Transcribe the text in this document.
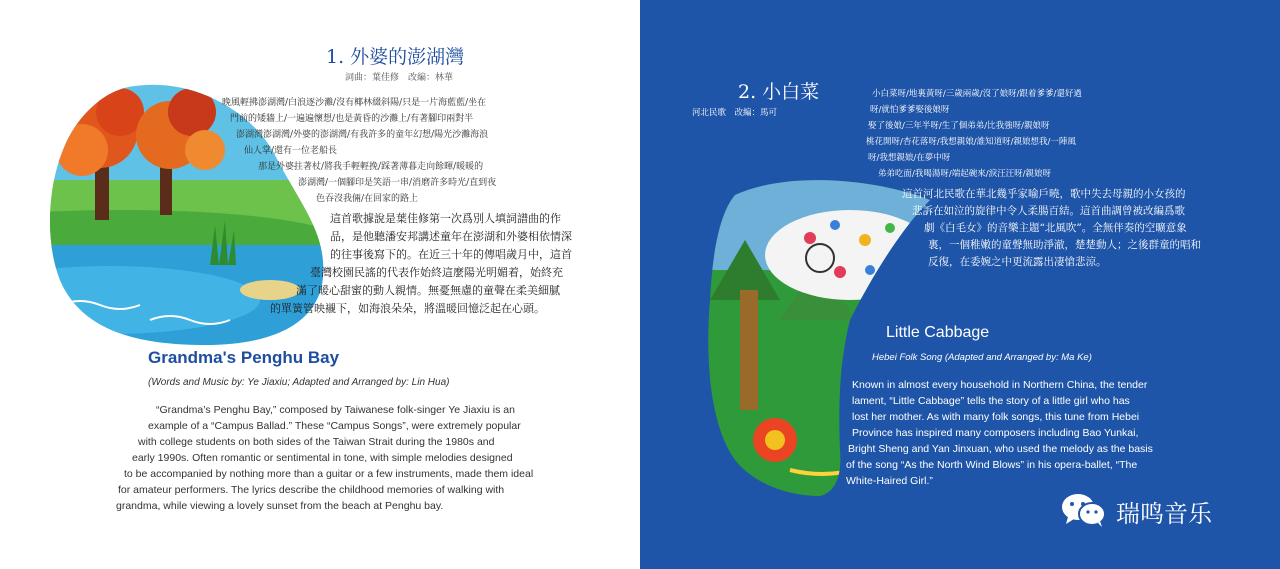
1. 外婆的澎湖灣
詞曲：葉佳修　改編：林華
晚風輕拂澎湖灣/白浪逐沙灘/沒有椰林綴斜陽/只是一片海藍藍/坐在
門前的矮牆上/一遍遍懷想/也是黃昏的沙灘上/有著腳印兩對半
澎湖灣澎湖灣/外婆的澎湖灣/有我許多的童年幻想/陽光沙灘海浪
仙人掌/還有一位老船長
那是外婆拄著杖/將我手輕輕挽/踩著薄暮走向餘暉/暖暖的
澎湖灣/一個腳印是笑語一串/消磨許多時光/直到夜
色吞沒我倆/在回家的路上
這首歌據說是葉佳修第一次爲別人填詞譜曲的作
品，是他聽潘安邦講述童年在澎湖和外婆相依情深
的往事後寫下的。在近三十年的傳唱歲月中，這首
臺灣校園民謠的代表作始終這麼陽光明媚着，始終充
滿了暖心甜蜜的動人親情。無憂無慮的童聲在柔美細膩
的單簧管映襯下，如海浪朵朵，將溫暖回憶泛起在心頭。
Grandma's Penghu Bay
(Words and Music by: Ye Jiaxiu; Adapted and Arranged by: Lin Hua)
“Grandma’s Penghu Bay,” composed by Taiwanese folk-singer Ye Jiaxiu is an
example of a “Campus Ballad.” These “Campus Songs”, were extremely popular
with college students on both sides of the Taiwan Strait during the 1980s and
early 1990s. Often romantic or sentimental in tone, with simple melodies designed
to be accompanied by nothing more than a guitar or a few instruments, made them ideal
for amateur performers. The lyrics describe the childhood memories of walking with
grandma, while viewing a lovely sunset from the beach at Penghu bay.
2. 小白菜
河北民歌　改編：馬可
小白菜呀/地裏黃呀/三歲兩歲/沒了娘呀/跟着爹爹/還好過
呀/就怕爹爹娶後娘呀
娶了後娘/三年半呀/生了個弟弟/比我強呀/親娘呀
桃花開呀/杏花落呀/我想親娘/誰知道呀/親娘想我/一陣風
呀/我想親娘/在夢中呀
弟弟吃面/我喝湯呀/端起碗來/淚汪汪呀/親娘呀
這首河北民歌在華北幾乎家喻戶曉，歌中失去母親的小女孩的
悲訴在如泣的旋律中令人柔腸百結。這首曲調曾被改編爲歌
劇《白毛女》的音樂主題“北風吹”。全無伴奏的空曠意象
裏，一個稚嫩的童聲無助淨澈，楚楚動人；之後群童的唱和
反復，在委婉之中更流露出凄愴悲涼。
Little Cabbage
Hebei Folk Song (Adapted and Arranged by: Ma Ke)
Known in almost every household in Northern China, the tender
lament, “Little Cabbage” tells the story of a little girl who has
lost her mother. As with many folk songs, this tune from Hebei
Province has inspired many composers including Bao Yunkai,
Bright Sheng and Yan Jinxuan, who used the melody as the basis
of the song “As the North Wind Blows” in his opera-ballet, “The
White-Haired Girl.”
瑞鸣音乐
